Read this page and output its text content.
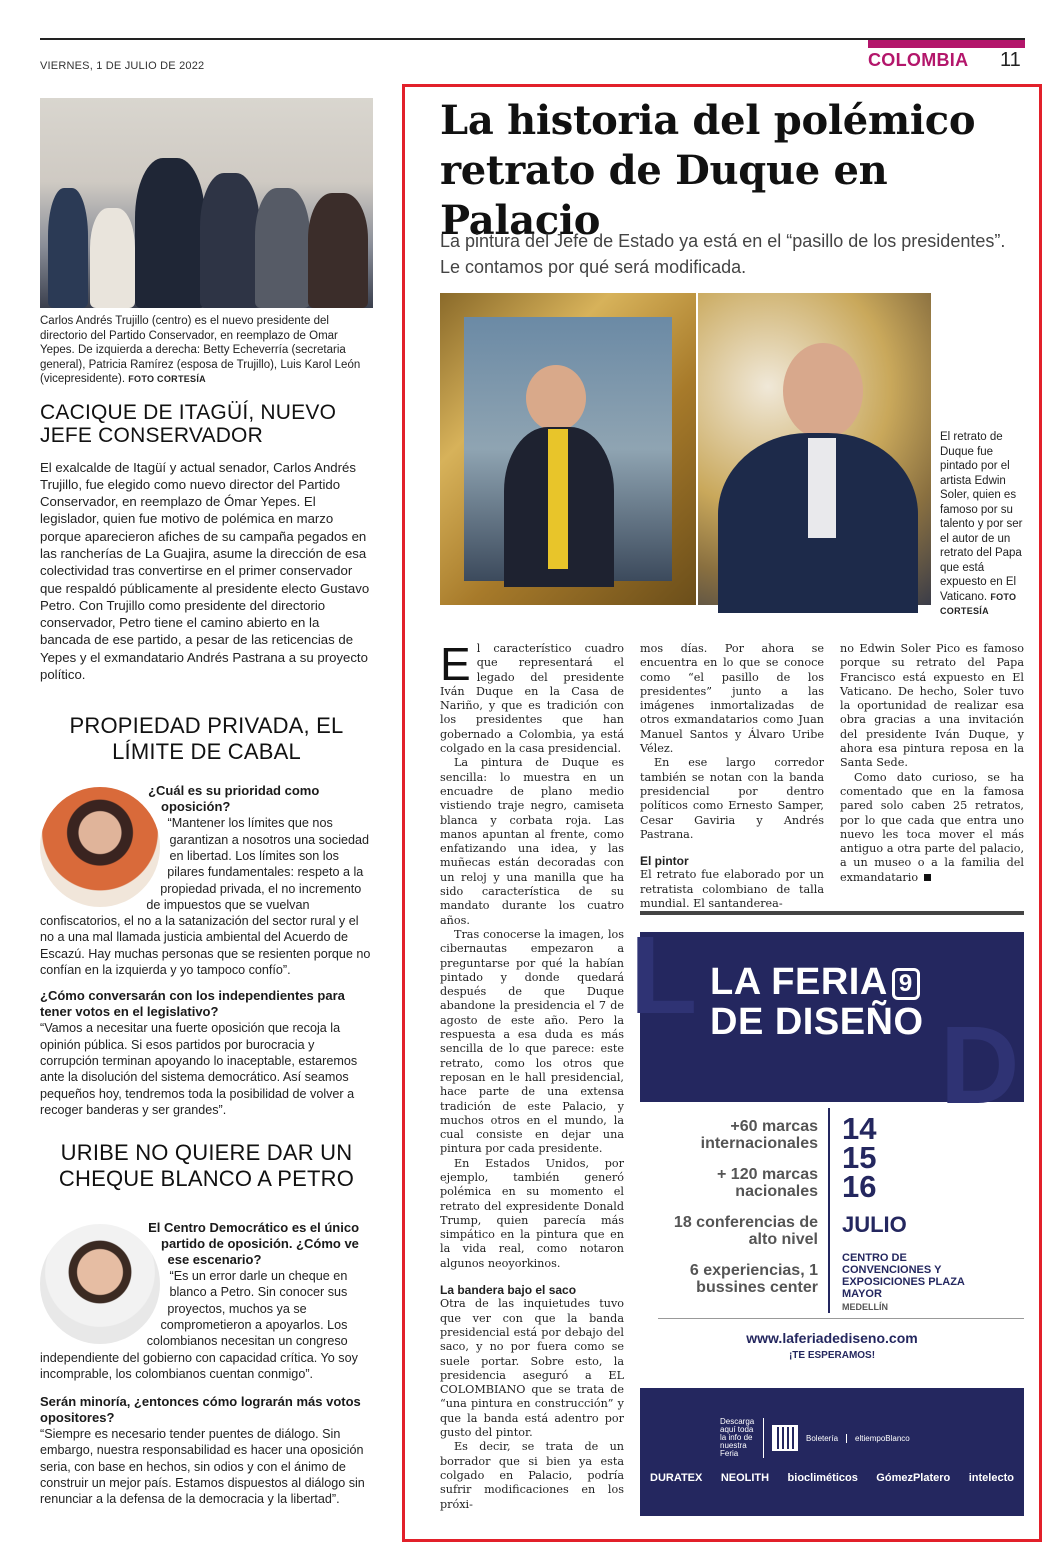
VIERNES, 1 DE JULIO DE 2022	COLOMBIA 11
Carlos Andrés Trujillo (centro) es el nuevo presidente del directorio del Partido Conservador, en reemplazo de Omar Yepes. De izquierda a derecha: Betty Echeverría (secretaria general), Patricia Ramírez (esposa de Trujillo), Luis Karol León (vicepresidente). FOTO CORTESÍA
CACIQUE DE ITAGÜÍ, NUEVO JEFE CONSERVADOR

El exalcalde de Itagüí y actual senador, Carlos Andrés Trujillo, fue elegido como nuevo director del Partido Conservador, en reemplazo de Ómar Yepes. El legislador, quien fue motivo de polémica en marzo porque aparecieron afiches de su campaña pegados en las rancherías de La Guajira, asume la dirección de esa colectividad tras convertirse en el primer conservador que respaldó públicamente al presidente electo Gustavo Petro. Con Trujillo como presidente del directorio conservador, Petro tiene el camino abierto en la bancada de ese partido, a pesar de las reticencias de Yepes y el exmandatario Andrés Pastrana a su proyecto político.

PROPIEDAD PRIVADA, EL LÍMITE DE CABAL

¿Cuál es su prioridad como oposición?

“Mantener los límites que nos garantizan a nosotros una sociedad en libertad. Los límites son los pilares fundamentales: respeto a la propiedad privada, el no incremento de impuestos que se vuelvan confiscatorios, el no a la satanización del sector rural y el no a una mal llamada justicia ambiental del Acuerdo de Escazú. Hay muchas personas que se resienten porque no confían en la izquierda y yo tampoco confío”.

¿Cómo conversarán con los independientes para tener votos en el legislativo?

“Vamos a necesitar una fuerte oposición que recoja la opinión pública. Si esos partidos por burocracia y corrupción terminan apoyando lo inaceptable, estaremos ante la disolución del sistema democrático. Así seamos pequeños hoy, tendremos toda la posibilidad de volver a recoger banderas y ser grandes”.

URIBE NO QUIERE DAR UN CHEQUE BLANCO A PETRO

El Centro Democrático es el único partido de oposición. ¿Cómo ve ese escenario?

“Es un error darle un cheque en blanco a Petro. Sin conocer sus proyectos, muchos ya se comprometieron a apoyarlos. Los colombianos necesitan un congreso independiente del gobierno con capacidad crítica. Yo soy incomprable, los colombianos cuentan conmigo”.

Serán minoría, ¿entonces cómo lograrán más votos opositores?

“Siempre es necesario tender puentes de diálogo. Sin embargo, nuestra responsabilidad es hacer una oposición seria, con base en hechos, sin odios y con el ánimo de construir un mejor país. Estamos dispuestos al diálogo sin renunciar a la defensa de la democracia y la libertad”.

La historia del polémico retrato de Duque en Palacio

La pintura del Jefe de Estado ya está en el “pasillo de los presidentes”. Le contamos por qué será modificada.

El retrato de Duque fue pintado por el artista Edwin Soler, quien es famoso por su talento y por ser el autor de un retrato del Papa que está expuesto en El Vaticano. FOTO CORTESÍA

El característico cuadro que representará el legado del presidente Iván Duque en la Casa de Nariño, y que es tradición con los presidentes que han gobernado a Colombia, ya está colgado en la casa presidencial.

La pintura de Duque es sencilla: lo muestra en un encuadre de plano medio vistiendo traje negro, camiseta blanca y corbata roja. Las manos apuntan al frente, como enfatizando una idea, y las muñecas están decoradas con un reloj y una manilla que ha sido característica de su mandato durante los cuatro años.

Tras conocerse la imagen, los cibernautas empezaron a preguntarse por qué la habían pintado y donde quedará después de que Duque abandone la presidencia el 7 de agosto de este año. Pero la respuesta a esa duda es más sencilla de lo que parece: este retrato, como los otros que reposan en le hall presidencial, hace parte de una extensa tradición de este Palacio, y muchos otros en el mundo, la cual consiste en dejar una pintura por cada presidente.

En Estados Unidos, por ejemplo, también generó polémica en su momento el retrato del expresidente Donald Trump, quien parecía más simpático en la pintura que en la vida real, como notaron algunos neoyorkinos.

La bandera bajo el saco

Otra de las inquietudes tuvo que ver con que la banda presidencial está por debajo del saco, y no por fuera como se suele portar. Sobre esto, la presidencia aseguró a EL COLOMBIANO que se trata de “una pintura en construcción” y que la banda está adentro por gusto del pintor.

Es decir, se trata de un borrador que si bien ya esta colgado en Palacio, podría sufrir modificaciones en los próxi-

mos días. Por ahora se encuentra en lo que se conoce como “el pasillo de los presidentes” junto a las imágenes inmortalizadas de otros exmandatarios como Juan Manuel Santos y Álvaro Uribe Vélez.

En ese largo corredor también se notan con la banda presidencial por dentro políticos como Ernesto Samper, Cesar Gaviria y Andrés Pastrana.

El pintor

El retrato fue elaborado por un retratista colombiano de talla mundial. El santanderea-

no Edwin Soler Pico es famoso porque su retrato del Papa Francisco está expuesto en El Vaticano. De hecho, Soler tuvo la oportunidad de realizar esa obra gracias a una invitación del presidente Iván Duque, y ahora esa pintura reposa en la Santa Sede.

Como dato curioso, se ha comentado que en la famosa pared solo caben 25 retratos, por lo que cada que entra uno nuevo les toca mover el más antiguo a otra parte del palacio, a un museo o a la familia del exmandatario

L
D
LA FERIA 9
DE DISEÑO
+60 marcas internacionales
+ 120 marcas nacionales
18 conferencias de alto nivel
6 experiencias, 1 bussines center
14
15
16
JULIO
CENTRO DE CONVENCIONES Y EXPOSICIONES PLAZA MAYOR
MEDELLÍN
www.laferiadediseno.com
¡TE ESPERAMOS!
Descarga aquí toda la info de nuestra Feria
Boletería	eltiempoBlanco
DURATEX NEOLITH biocliméticos GómezPlatero intelecto
